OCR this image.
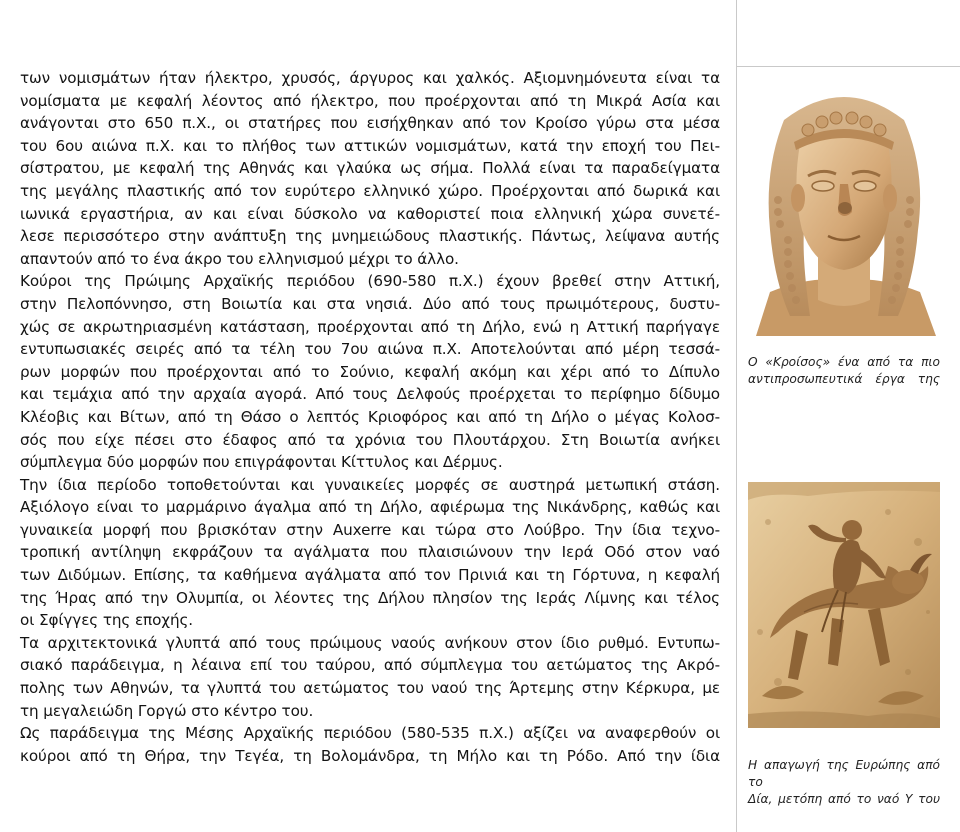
των νομισμάτων ήταν ήλεκτρο, χρυσός, άργυρος και χαλκός. Αξιομνημόνευτα είναι τα

νομίσματα με κεφαλή λέοντος από ήλεκτρο, που προέρχονται από τη Μικρά Ασία και

ανάγονται στο 650 π.Χ., οι στατήρες που εισήχθηκαν από τον Κροίσο γύρω στα μέσα

του 6ου αιώνα π.Χ. και το πλήθος των αττικών νομισμάτων, κατά την εποχή του Πει-

σίστρατου, με κεφαλή της Αθηνάς και γλαύκα ως σήμα. Πολλά είναι τα παραδείγματα

της μεγάλης πλαστικής από τον ευρύτερο ελληνικό χώρο. Προέρχονται από δωρικά και

ιωνικά εργαστήρια, αν και είναι δύσκολο να καθοριστεί ποια ελληνική χώρα συνετέ-

λεσε περισσότερο στην ανάπτυξη της μνημειώδους πλαστικής. Πάντως, λείψανα αυτής

απαντούν από το ένα άκρο του ελληνισμού μέχρι το άλλο.

Κούροι της Πρώιμης Αρχαϊκής περιόδου (690-580 π.Χ.) έχουν βρεθεί στην Αττική,

στην Πελοπόννησο, στη Βοιωτία και στα νησιά. Δύο από τους πρωιμότερους, δυστυ-

χώς σε ακρωτηριασμένη κατάσταση, προέρχονται από τη Δήλο, ενώ η Αττική παρήγαγε

εντυπωσιακές σειρές από τα τέλη του 7ου αιώνα π.Χ. Αποτελούνται από μέρη τεσσά-

ρων μορφών που προέρχονται από το Σούνιο, κεφαλή ακόμη και χέρι από το Δίπυλο

και τεμάχια από την αρχαία αγορά. Από τους Δελφούς προέρχεται το περίφημο δίδυμο

Κλέοβις και Βίτων, από τη Θάσο ο λεπτός Κριοφόρος και από τη Δήλο ο μέγας Κολοσ-

σός που είχε πέσει στο έδαφος από τα χρόνια του Πλουτάρχου. Στη Βοιωτία ανήκει

σύμπλεγμα δύο μορφών που επιγράφονται Κίττυλος και Δέρμυς.

Την ίδια περίοδο τοποθετούνται και γυναικείες μορφές σε αυστηρά μετωπική στάση.

Αξιόλογο είναι το μαρμάρινο άγαλμα από τη Δήλο, αφιέρωμα της Νικάνδρης, καθώς και

γυναικεία μορφή που βρισκόταν στην Auxerre και τώρα στο Λούβρο. Την ίδια τεχνο-

τροπική αντίληψη εκφράζουν τα αγάλματα που πλαισιώνουν την Ιερά Οδό στον ναό

των Διδύμων. Επίσης, τα καθήμενα αγάλματα από τον Πρινιά και τη Γόρτυνα, η κεφαλή

της Ήρας από την Ολυμπία, οι λέοντες της Δήλου πλησίον της Ιεράς Λίμνης και τέλος

οι Σφίγγες της εποχής.

Τα αρχιτεκτονικά γλυπτά από τους πρώιμους ναούς ανήκουν στον ίδιο ρυθμό. Εντυπω-

σιακό παράδειγμα, η λέαινα επί του ταύρου, από σύμπλεγμα του αετώματος της Ακρό-

πολης των Αθηνών, τα γλυπτά του αετώματος του ναού της Άρτεμης στην Κέρκυρα, με

τη μεγαλειώδη Γοργώ στο κέντρο του.

Ως παράδειγμα της Μέσης Αρχαϊκής περιόδου (580-535 π.Χ.) αξίζει να αναφερθούν οι

κούροι από τη Θήρα, την Τεγέα, τη Βολομάνδρα, τη Μήλο και τη Ρόδο. Από την ίδια

Ο «Κροίσος» ένα από τα πιο
αντιπροσωπευτικά έργα της
Η απαγωγή της Ευρώπης από το
Δία, μετόπη από το ναό Υ του
